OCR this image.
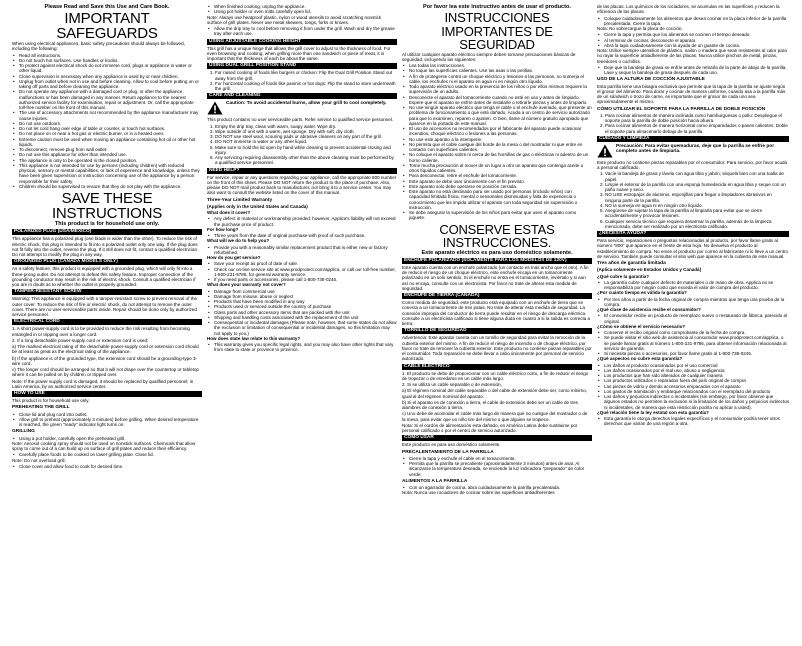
Please Read and Save this Use and Care Book.

IMPORTANT SAFEGUARDS

When using electrical appliances, basic safety precautions should always be followed, including the following:

• Read all instructions.
• Do not touch hot surfaces. Use handles or knobs.
• To protect against electrical shock do not immerse cord, plugs or appliance in water or other liquid.
• Close supervision is necessary when any appliance is used by or near children.
• Unplug from outlet when not in use and before cleaning. Allow to cool before putting on or taking off parts and before cleaning the appliance.
• Do not operate any appliance with a damaged cord or plug, or after the appliance malfunctions or has been damaged in any manner. Return appliance to the nearest authorized service facility for examination, repair or adjustment. Or, call the appropriate toll-free number on the front of this manual.
• The use of accessory attachments not recommended by the appliance manufacturer may cause injuries.
• Do not use outdoors.
• Do not let cord hang over edge of table or counter, or touch hot surfaces.
• Do not place on or near a hot gas or electric burner, or in a heated oven.
• Extreme caution must be used when moving an appliance containing hot oil or other hot liquids.
• To disconnect, remove plug from wall outlet.
• Do not use this appliance for other than intended use.
• The appliance is only to be operated in the closed position.
• This appliance is not intended for use by persons (including children) with reduced physical, sensory or mental capabilities, or lack of experience and knowledge, unless they have been given supervision or instruction concerning use of the appliance by a person responsible for their safety.
• Children should be supervised to ensure that they do not play with the appliance.
SAVE THESE INSTRUCTIONS

This product is for household use only.

POLARIZED PLUG (USA/MEXICO)

This appliance has a polarized plug (one blade is wider than the other). To reduce the risk of electric shock, this plug is intended to fit into a polarized outlet only one way. If the plug does not fit fully into the outlet, reverse the plug. If it still does not fit, contact a qualified electrician. Do not attempt to modify the plug in any way.

GROUNDED PLUG (CANADA MODELS ONLY)

As a safety feature, this product is equipped with a grounded plug, which will only fit into a three-prong outlet. Do not attempt to defeat this safety feature. Improper connection of the grounding conductor may result in the risk of electric shock. Consult a qualified electrician if you are in doubt as to whether the outlet is properly grounded.

TAMPER-RESISTANT SCREW

Warning: This appliance is equipped with a tamper-resistant screw to prevent removal of the outer cover. To reduce the risk of fire or electric shock, do not attempt to remove the outer cover. There are no user-serviceable parts inside. Repair should be done only by authorized service personnel.

ELECTRICAL CORD

1. A short power-supply cord is to be provided to reduce the risk resulting from becoming entangled in or tripping over a longer cord.

2. If a long detachable power-supply cord or extension cord is used:

a) The marked electrical rating of the detachable power-supply cord or extension cord should be at least as great as the electrical rating of the appliance.

b) If the appliance is of the grounded type, the extension cord should be a grounding-type 3-wire cord.

c) The longer cord should be arranged so that it will not drape over the countertop or tabletop where it can be pulled on by children or tripped over.

Note: If the power supply cord is damaged, it should be replaced by qualified personnel; in Latin America, by an authorized service center.

HOW TO USE

This product is for household use only.

PREHEATING THE GRILL

• Close lid and plug cord into outlet.
• Allow grill to preheat (approximately 3 minutes) before grilling. When desired temperature is reached, the green "ready" indicator light turns on.

GRILLING

• Using a pot holder, carefully open the preheated grill.

Note: Aerosol cooking spray should not be used on nonstick surfaces. Chemicals that allow spray to come out of a can build up on surface of grill plates and reduce their efficiency.

• Carefully place foods to be cooked on lower grilling plate. Close lid.

Note: Do not overload grill.

• Close cover and allow food to cook for desired time.
• When finished cooking, unplug the appliance.
• Using pot holder or oven mitts carefully open lid.

Note: Always use heatproof plastic, nylon or wood utensils to avoid scratching nonstick surface of grill plates. Never use metal skewers, tongs, forks or knives.

• Allow the drip tray to cool before removing it from under the grill. Wash and dry the grease tray after each use.
USING ADJUSTABLE COOKING HEIGHT

This grill has a unique hinge that allows the grill cover to adjust to the thickness of food. For even browning and cooking, when grilling more than one sandwich or piece of meat, it is important that the thickness of each be about the same.

USING DUAL GRILL POSITION STAND
1. For raised cooking of foods like burgers or chicken: Flip the Dual Grill Position Stand out away from the grill.
2. For horizontal cooking of foods like paninis or hot dogs: Flip the stand to store underneath the grill.
CARE AND CLEANING
Caution: To avoid accidental burns, allow your grill to cool completely.

This product contains no user serviceable parts. Refer service to qualified service personnel.

1. Empty the drip tray, clean with warm, soapy water. Wipe dry.
2. Wipe outside of unit with a warm, wet sponge. Dry with soft, dry cloth.
3. DO NOT use steel wool, scouring pads or abrasive cleaners on any part of the grill.
4. DO NOT immerse in water or any other liquid.
5. Make sure to hold the lid open by hand while cleaning to prevent accidental closing and injury.
6. Any servicing requiring disassembly other than the above cleaning must be performed by a qualified service personnel.
NEED HELP?

For service, repair or any questions regarding your appliance, call the appropriate 800 number on the front of this sheet. Please DO NOT return the product to the place of purchase. Also, please DO NOT mail product back to manufacturer, nor bring it to a service center. You may also want to consult the website listed on the cover of this manual.

Three-Year Limited Warranty

(Applies only in the United States and Canada)

What does it cover?

• Any defect in material or workmanship provided; however, Applica's liability will not exceed the purchase price of product.

For how long?

• Three years from the date of original purchase with proof of such purchase.

What will we do to help you?

• Provide you with a reasonably similar replacement product that is either new or factory refurbished.

How do you get service?

• Save your receipt as proof of date of sale.
• Check our on-line service site at www.prodprotect.com/applica, or call our toll-free number, 1-800-231-9786, for general warranty service.
• If you need parts or accessories, please call 1-800-738-0245.

What does your warranty not cover?

• Damage from commercial use
• Damage from misuse, abuse or neglect
• Products that have been modified in any way
• Products used or serviced outside the country of purchase
• Glass parts and other accessory items that are packed with the unit
• Shipping and handling costs associated with the replacement of the unit
• Consequential or incidental damages (Please note, however, that some states do not allow the exclusion or limitation of consequential or incidental damages, so this limitation may not apply to you.)

How does state law relate to this warranty?

• This warranty gives you specific legal rights, and you may also have other rights that vary from state to state or province to province.

Por favor lea este instructivo antes de usar el producto.

INSTRUCCIONES IMPORTANTES DE SEGURIDAD

Al utilizar cualquier aparato eléctrico siempre deben tomarse precauciones básicas de seguridad, incluyendo las siguientes:

• Lea todas las instrucciones.
• No toque las superficies calientes. Use las asas o las perillas.
• A fin de protegerse contra un choque eléctrico y lesiones a las personas, no sumerja el cable, los enchufes ni el aparato en agua ni en ningún otro líquido.
• Todo aparato eléctrico usado en la presencia de los niños o por ellos mismos requiere la supervisión de un adulto.
• Desconecte el aparato del tomacorriente cuando no esté en uso y antes de limpiarlo. Espere que el aparato se enfríe antes de instalarle o retirarle piezas y antes de limpiarlo.
• No use ningún aparato eléctrico que tenga el cable o el enchufe averiado, que presente un problema de funcionamiento o que esté dañado. Acuda a un centro de servicio autorizado para que lo examinen, reparen o ajusten. O bien, llame al número gratuito apropiado que aparece en la portada de este manual.
• El uso de accesorios no recomendados por el fabricante del aparato puede ocasionar incendios, choque eléctrico o lesiones a las personas.
• No use este aparato a la intemperie.
• No permita que el cable cuelgue del borde de la mesa o del mostrador ni que entre en contacto con superficies calientes.
• No coloque el aparato sobre ni cerca de las hornillas de gas o eléctricas ni adentro de un horno caliente.
• Tome mucha precaución al mover de un lugar a otro un aparato que contenga aceite u otros líquidos calientes.
• Para desconectar, retire el enchufe del tomacorriente.
• Este aparato se debe usar únicamente con el fin previsto.
• Este aparato solo debe operarse en posición cerrada.
• Este aparato no está destinado para ser usado por personas (incluido niños) con capacidad limitada física, mental o sensoriales disminuidas y falta de experiencia o conocimiento que les impida utilizar el aparato con toda seguridad sin supervisión o instrucción.
• Se debe asegurar la supervisión de los niños para evitar que usen el aparato como juguete.
CONSERVE ESTAS INSTRUCCIONES.

Este aparato eléctrico es para uso doméstico solamente.

ENCHUFE POLARIZADO (SOLAMENTE PARA LOS MODELOS DE 120V)

Este aparato cuenta con un enchufe polarizado (un contacto es más ancho que el otro). A fin de reducir el riesgo de un choque eléctrico, este enchufe encaja en un tomacorriente polarizado en un solo sentido. Si el enchufe no entra en el tomacorriente, inviértalo y si aun así no encaja, consulte con un electricista. Por favor no trate de alterar esta medida de seguridad.

ENCHUFE DE TIERRA (CANADÁ)

Como medida de seguridad, este producto está equipado con un enchufe de tierra que se conecta a un tomacorriente de tres patas. No trate de alterar esta medida de seguridad. La conexión impropia del conductor de tierra puede resultar en el riesgo de descarga eléctrica. Consulte a un electricista calificado si tiene alguna duda en cuanto a si la salida es correcta a tierra.

TORNILLO DE SEGURIDAD

Advertencia: Este aparato cuenta con un tornillo de seguridad para evitar la remoción de la cubierta exterior del mismo. A fin de reducir el riesgo de incendio o de choque eléctrico, por favor no trate de remover la cubierta exterior. Este producto no contiene piezas reparables por el consumidor. Toda reparación se debe llevar a cabo únicamente por personal de servicio autorizado.

CABLE ELÉCTRICO

1. El producto se debe de proporcionar con un cable eléctrico corto, a fin de reducir el riesgo de tropezar o de enredarse en un cable más largo.

2. Si se utiliza un cable separable o de extensión,

a) El régimen nominal del cable separable o del cable de extensión debe ser, como mínimo, igual al del régimen nominal del aparato.

b) Si el aparato es de conexión a tierra, el cable de extensión debe ser un cable de tres alambres de conexión a tierra.

c) Uno debe de acomodar el cable más largo de manera que no cuelgue del mostrador o de la mesa, para evitar que un niño tire del mismo o que alguien se tropiece.

Nota: Si el cordón de alimentación esta dañado, en América Latina debe sustituirse por personal calificado o por el centro de servicio autorizado.

COMO USAR

Este producto es para uso doméstico solamente.

PRECALENTAMIENTO DE LA PARRILLA

• Cierre la tapa y enchufe el cable en el tomacorriente.
• Permita que la parrilla se precaliente (aproximadamente 3 minutos) antes de asar. Al alcanzarse la temperatura deseada, se enciende la luz indicadora "preparado" de color verde.

ALIMENTOS A LA PARRILLA

• Con un agarrador de cocina, abra cuidadosamente la parrilla precalentada.

Nota: Nunca use rociadores de cocinar sobre las superficies antiadherentes

de las placas. Los químicos de los rociadores, se acumulan en las superficies y reducen la eficiencia de las placas.

• Coloque cuidadosamente los alimentos que desea cocinar en la placa inferior de la parrilla precalentada. Cierre la tapa.

Nota: No sobrecargue la placa de cocción.

• Cierre la tapa y permita que los alimentos se cocinen el tiempo deseado.
• Al terminar de cocinar, desconecte el aparato.
• Abra la tapa cuidadosamente con la ayuda de un guante de cocina.

Nota: Utilice siempre utensilios de plástico, nailon o madera que sean resistentes al calor para no rayar la superficie antiadherente de las placas. Nunca utilice pinchos de metal, pinzas, tenedores o cuchillos.

• Deje que la bandeja de grasa se enfríe antes de retirarla de la parte de abajo de la parrilla. Lave y seque la bandeja de grasa después de cada uso.

USO DE LA ALTURA DE COCCIÓN AJUSTABLE

Esta parrilla tiene una bisagra exclusiva que permite que la tapa de la parrilla se ajuste según el grosor del alimento. Para dorar y cocinar de manera uniforme, cuando asa a la parrilla más de un sándwich o trozo de carne, es importante que el grosor de cada uno sea aproximadamente el mismo.

CÓMO UTILIZAR EL SOPORTE PARA LA PARRILLA DE DOBLE POSICIÓN

1. Para cocinar alimentos de manera inclinada como hamburguesas o pollo: Despliegue el soporte para la parrilla de doble posición hacia afuera.
2. Para cocinar alimentos de manera horizontal como emparedados o panes calientes: Doble el soporte para almacenarlo debajo de la parrilla.
CUIDADO Y LIMPIEZA
Precaución: Para evitar quemaduras, deje que la parrilla se enfríe por completo antes de limpiarla.

Este producto no contiene piezas reparables por el consumidor. Para servicio, por favor acuda a personal calificado.

1. Vacíe la bandeja de grasa y lávela con agua tibia y jabón; séquela bien con una toalla de papel.
2. Limpie el exterior de la parrilla con una esponja humedecida en agua tibia y seque con un paño suave y seco.
3. NO USE estropajos de aluminio, esponjillas para fregar o limpiadores abrasivos en ninguna parte de la parrilla.
4. NO la sumerja en agua ni en ningún otro líquido.
5. Asegúrese de sujetar la tapa de la parrilla al limpiarla para evitar que se cierre accidentalmente y provocar lesiones.
6. Cualquier servicio técnico que requiera desarmar la parrilla, además de la limpieza mencionada, debe ser realizado por un electricista calificado.
¿NECESITA AYUDA?

Para servicio, reparaciones o preguntas relacionadas al producto, por favor llame gratis al número "800" que aparece en el frente de esta hoja. No devuelva el producto al establecimiento de compra. No envíe el producto por correo al fabricante ni lo lleve a un centro de servicio. También puede consultar el sitio web que aparece en la cubierta de este manual.

Tres años de garantía limitada

(Aplica solamente en Estados Unidos y Canadá)

¿Qué cubre la garantía?

• La garantía cubre cualquier defecto de materiales o de mano de obra. Applica no se responsabiliza por ningún costo que exceda el valor de compra del producto.

¿Por cuánto tiempo es válida la garantía?

• Por tres años a partir de la fecha original de compra mientras que tenga una prueba de la compra.

¿Qué clase de asistencia recibe el consumidor?

• El consumidor recibe un producto de reemplazo nuevo o restaurado de fábrica, parecido al original.

¿Cómo se obtiene el servicio necesario?

• Conserve el recibo original como comprobante de la fecha de compra.
• Se puede visitar el sitio web de asistencia al consumidor www.prodprotect.com/applica, o se puede llamar gratis al número 1-800-231-9786, para obtener información relacionada al servicio de garantía.
• Si necesita piezas o accesorios, por favor llame gratis al 1-800-738-0245.

¿Qué aspectos no cubre esta garantía?

• Los daños al producto ocasionados por el uso comercial
• Los daños ocasionados por el mal uso, abuso o negligencia
• Los productos que han sido alterados de cualquier manera
• Los productos utilizados o reparados fuera del país original de compra
• Las piezas de vidrio y demás accesorios empacados con el aparato
• Los gastos de tramitación y embarque relacionados con el reemplazo del producto
• Los daños y perjuicios indirectos o incidentales (sin embargo, por favor observe que algunos estados no permiten la exclusión ni la limitación de los daños y perjuicios indirectos ni incidentales, de manera que esta restricción podría no aplicar a usted).

¿Qué relación tiene la ley estatal con esta garantía?

• Esta garantía le otorga derechos legales específicos y el consumidor podría tener otros derechos que varían de una región a otra.
